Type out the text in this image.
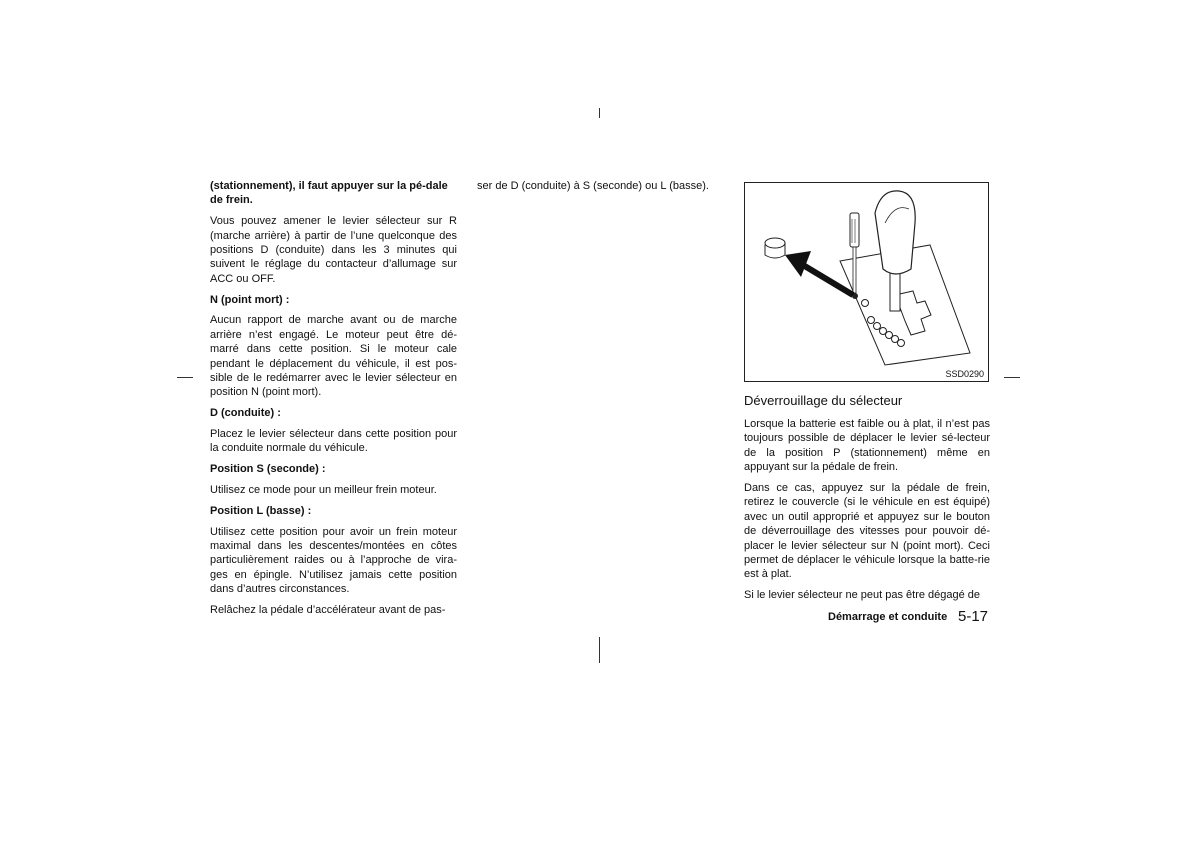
(stationnement), il faut appuyer sur la pé-dale de frein.

Vous pouvez amener le levier sélecteur sur R (marche arrière) à partir de l’une quelconque des positions D (conduite) dans les 3 minutes qui suivent le réglage du contacteur d’allumage sur ACC ou OFF.

N (point mort) :

Aucun rapport de marche avant ou de marche arrière n’est engagé. Le moteur peut être dé-marré dans cette position. Si le moteur cale pendant le déplacement du véhicule, il est pos-sible de le redémarrer avec le levier sélecteur en position N (point mort).

D (conduite) :

Placez le levier sélecteur dans cette position pour la conduite normale du véhicule.

Position S (seconde) :

Utilisez ce mode pour un meilleur frein moteur.

Position L (basse) :

Utilisez cette position pour avoir un frein moteur maximal dans les descentes/montées en côtes particulièrement raides ou à l’approche de vira-ges en épingle. N’utilisez jamais cette position dans d’autres circonstances.

Relâchez la pédale d’accélérateur avant de pas-

ser de D (conduite) à S (seconde) ou L (basse).

SSD0290
Déverrouillage du sélecteur

Lorsque la batterie est faible ou à plat, il n’est pas toujours possible de déplacer le levier sé-lecteur de la position P (stationnement) même en appuyant sur la pédale de frein.

Dans ce cas, appuyez sur la pédale de frein, retirez le couvercle (si le véhicule en est équipé) avec un outil approprié et appuyez sur le bouton de déverrouillage des vitesses pour pouvoir dé-placer le levier sélecteur sur N (point mort). Ceci permet de déplacer le véhicule lorsque la batte-rie est à plat.

Si le levier sélecteur ne peut pas être dégagé de

Démarrage et conduite 5-17
